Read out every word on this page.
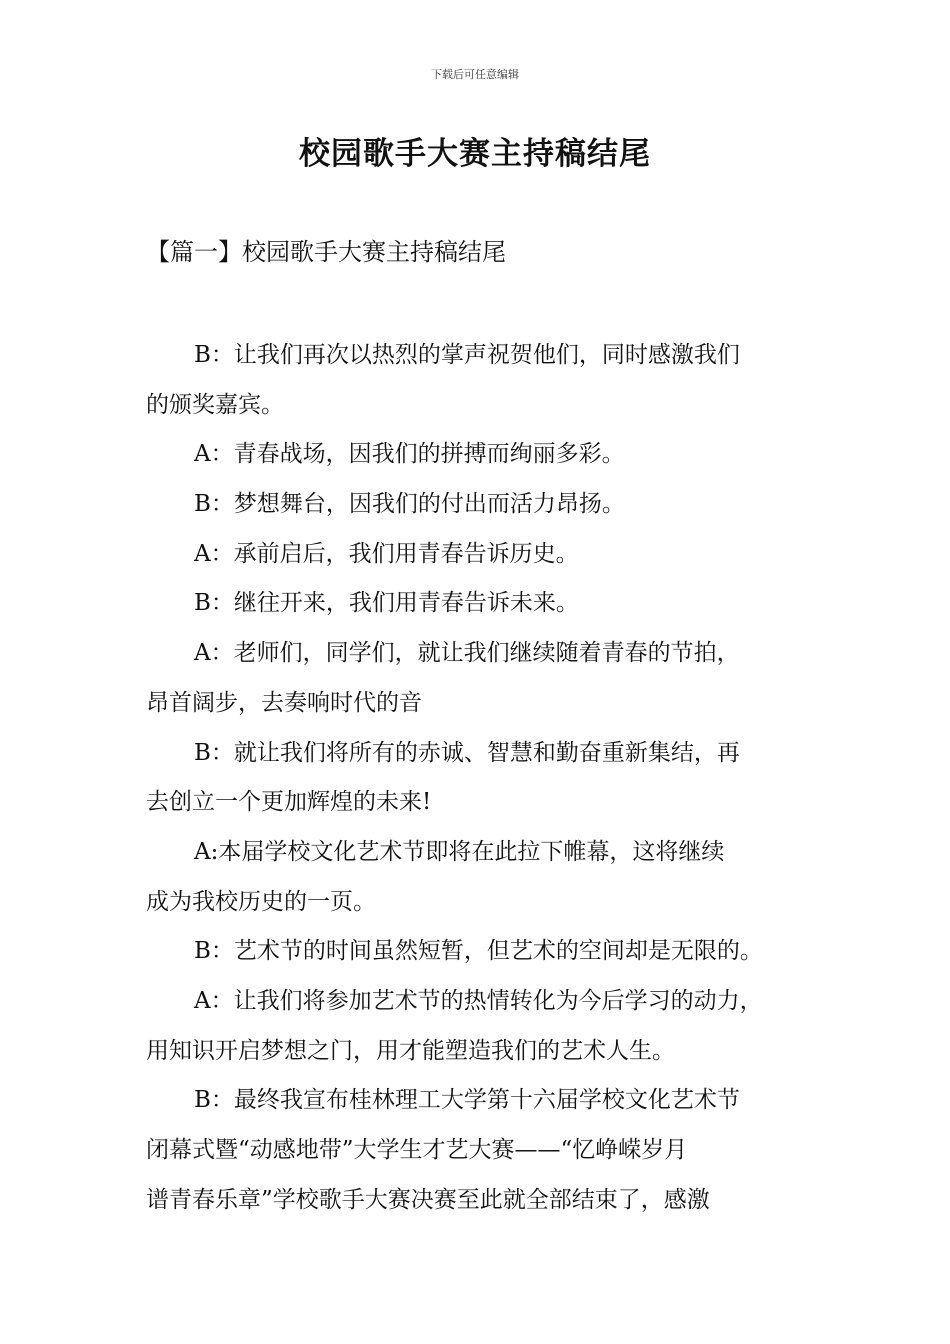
下载后可任意编辑
校园歌手大赛主持稿结尾
【篇一】校园歌手大赛主持稿结尾
B：让我们再次以热烈的掌声祝贺他们，同时感激我们
的颁奖嘉宾。
A：青春战场，因我们的拼搏而绚丽多彩。
B：梦想舞台，因我们的付出而活力昂扬。
A：承前启后，我们用青春告诉历史。
B：继往开来，我们用青春告诉未来。
A：老师们，同学们，就让我们继续随着青春的节拍，
昂首阔步，去奏响时代的音
B：就让我们将所有的赤诚、智慧和勤奋重新集结，再
去创立一个更加辉煌的未来!
A:本届学校文化艺术节即将在此拉下帷幕，这将继续
成为我校历史的一页。
B：艺术节的时间虽然短暂，但艺术的空间却是无限的。
A：让我们将参加艺术节的热情转化为今后学习的动力，
用知识开启梦想之门，用才能塑造我们的艺术人生。
B：最终我宣布桂林理工大学第十六届学校文化艺术节
闭幕式暨“动感地带”大学生才艺大赛——“忆峥嵘岁月
谱青春乐章”学校歌手大赛决赛至此就全部结束了，感激
